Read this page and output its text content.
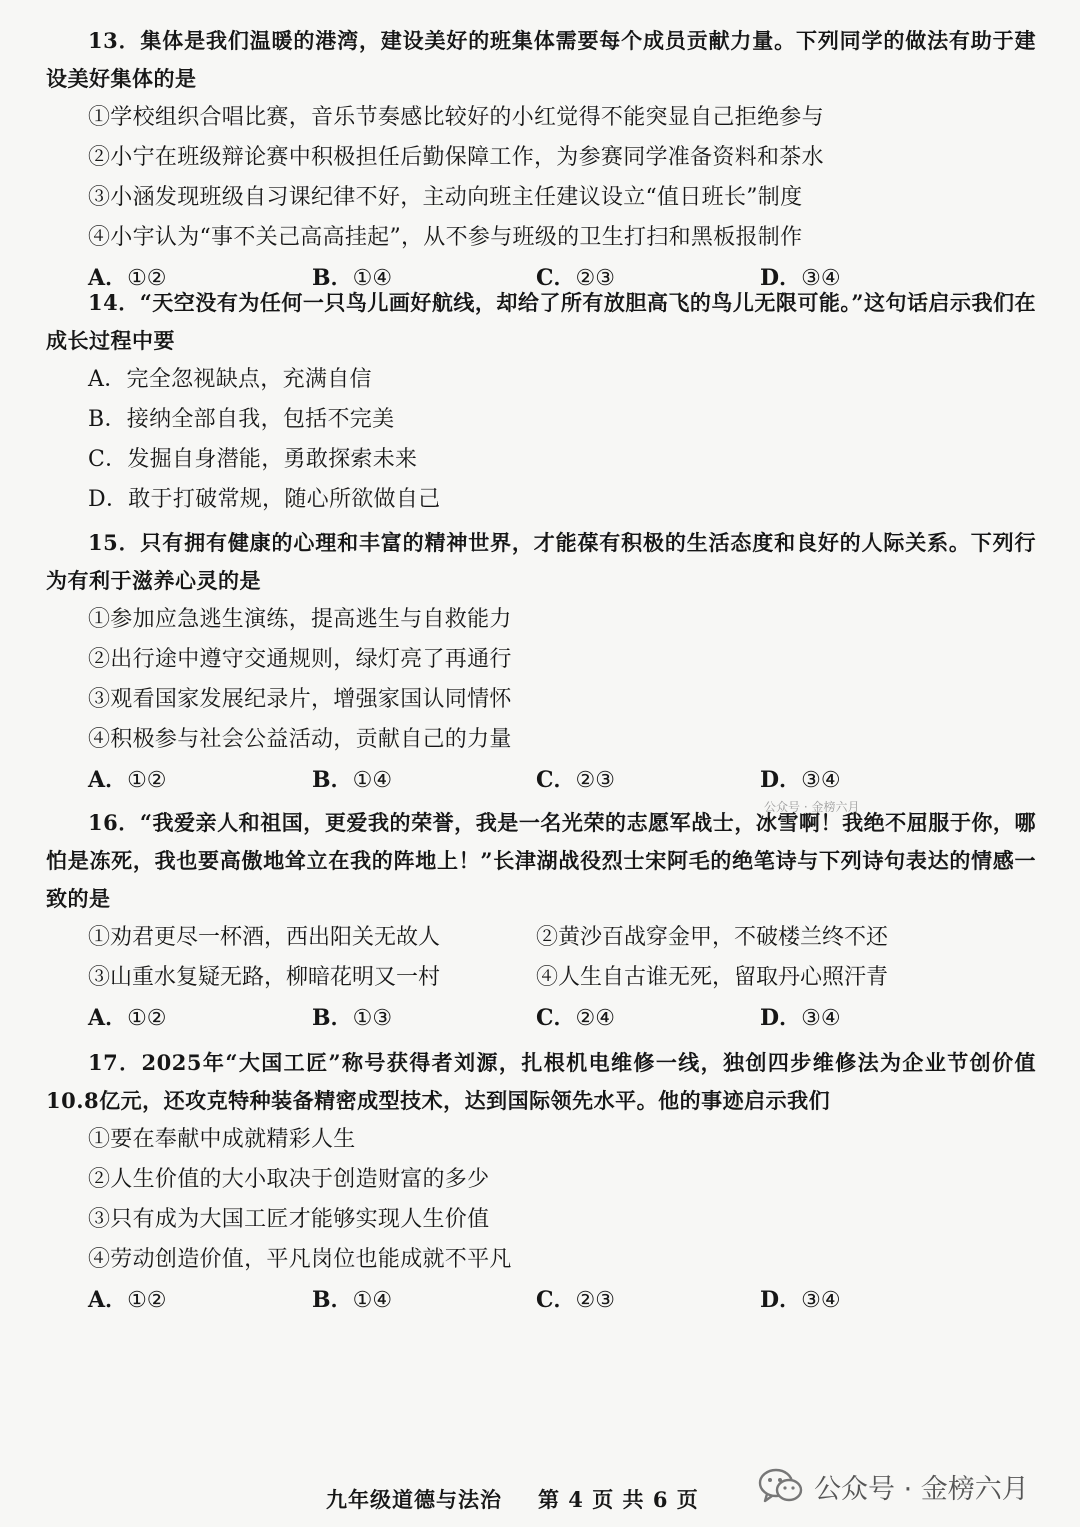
13．集体是我们温暖的港湾，建设美好的班集体需要每个成员贡献力量。下列同学的做法有助于建设美好集体的是

①学校组织合唱比赛，音乐节奏感比较好的小红觉得不能突显自己拒绝参与
②小宁在班级辩论赛中积极担任后勤保障工作，为参赛同学准备资料和茶水
③小涵发现班级自习课纪律不好，主动向班主任建议设立“值日班长”制度
④小宇认为“事不关己高高挂起”，从不参与班级的卫生打扫和黑板报制作
A．①②	B．①④	C．②③	D．③④

14．“天空没有为任何一只鸟儿画好航线，却给了所有放胆高飞的鸟儿无限可能。”这句话启示我们在成长过程中要

A．完全忽视缺点，充满自信
B．接纳全部自我，包括不完美
C．发掘自身潜能，勇敢探索未来
D．敢于打破常规，随心所欲做自己

15．只有拥有健康的心理和丰富的精神世界，才能葆有积极的生活态度和良好的人际关系。下列行为有利于滋养心灵的是

①参加应急逃生演练，提高逃生与自救能力
②出行途中遵守交通规则，绿灯亮了再通行
③观看国家发展纪录片，增强家国认同情怀
④积极参与社会公益活动，贡献自己的力量
A．①②	B．①④	C．②③	D．③④

16．“我爱亲人和祖国，更爱我的荣誉，我是一名光荣的志愿军战士，冰雪啊！我绝不屈服于你，哪怕是冻死，我也要高傲地耸立在我的阵地上！”长津湖战役烈士宋阿毛的绝笔诗与下列诗句表达的情感一致的是

①劝君更尽一杯酒，西出阳关无故人	②黄沙百战穿金甲，不破楼兰终不还
③山重水复疑无路，柳暗花明又一村	④人生自古谁无死，留取丹心照汗青
A．①②	B．①③	C．②④	D．③④

17．2025年“大国工匠”称号获得者刘源，扎根机电维修一线，独创四步维修法为企业节创价值10.8亿元，还攻克特种装备精密成型技术，达到国际领先水平。他的事迹启示我们

①要在奉献中成就精彩人生
②人生价值的大小取决于创造财富的多少
③只有成为大国工匠才能够实现人生价值
④劳动创造价值，平凡岗位也能成就不平凡
A．①②	B．①④	C．②③	D．③④
公众号 · 金榜六月
九年级道德与法治 第 4 页 共 6 页	公众号 · 金榜六月
